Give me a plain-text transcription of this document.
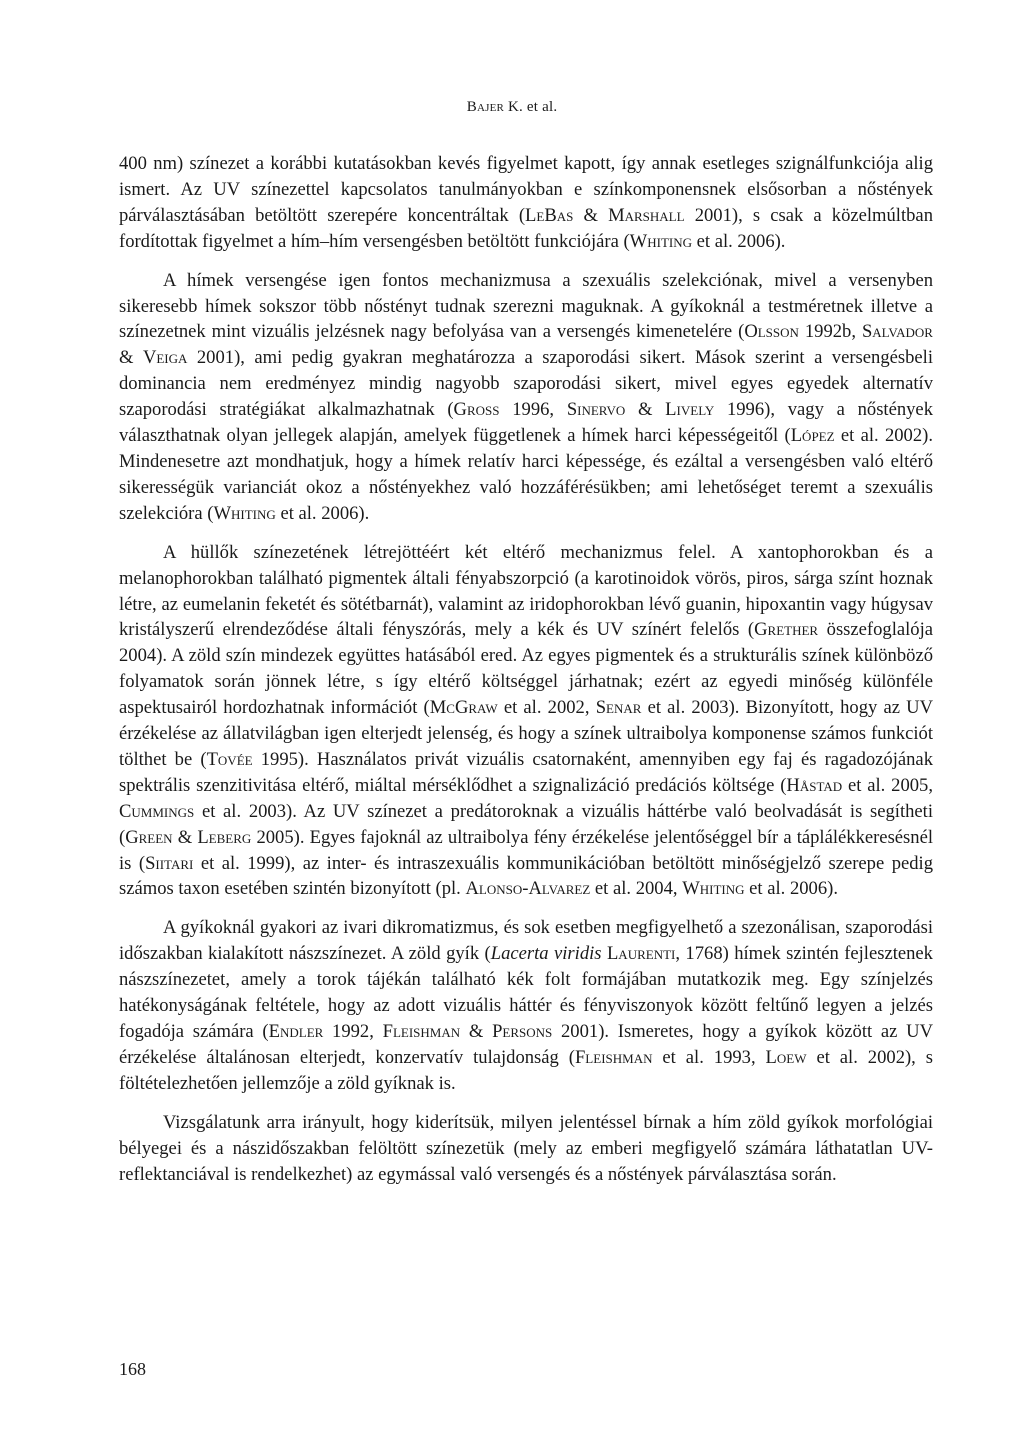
Bajer K. et al.

400 nm) színezet a korábbi kutatásokban kevés figyelmet kapott, így annak esetleges szignálfunkciója alig ismert. Az UV színezettel kapcsolatos tanulmányokban e színkomponensnek elsősorban a nőstények párválasztásában betöltött szerepére koncentráltak (LeBas & Marshall 2001), s csak a közelmúltban fordítottak figyelmet a hím–hím versengésben betöltött funkciójára (Whiting et al. 2006).

A hímek versengése igen fontos mechanizmusa a szexuális szelekciónak, mivel a versenyben sikeresebb hímek sokszor több nőstényt tudnak szerezni maguknak. A gyíkoknál a testméretnek illetve a színezetnek mint vizuális jelzésnek nagy befolyása van a versengés kimenetelére (Olsson 1992b, Salvador & Veiga 2001), ami pedig gyakran meghatározza a szaporodási sikert. Mások szerint a versengésbeli dominancia nem eredményez mindig nagyobb szaporodási sikert, mivel egyes egyedek alternatív szaporodási stratégiákat alkalmazhatnak (Gross 1996, Sinervo & Lively 1996), vagy a nőstények választhatnak olyan jellegek alapján, amelyek függetlenek a hímek harci képességeitől (López et al. 2002). Mindenesetre azt mondhatjuk, hogy a hímek relatív harci képessége, és ezáltal a versengésben való eltérő sikerességük varianciát okoz a nőstényekhez való hozzáférésükben; ami lehetőséget teremt a szexuális szelekcióra (Whiting et al. 2006).

A hüllők színezetének létrejöttéért két eltérő mechanizmus felel. A xantophorokban és a melanophorokban található pigmentek általi fényabszorpció (a karotinoidok vörös, piros, sárga színt hoznak létre, az eumelanin feketét és sötétbarnát), valamint az iridophorokban lévő guanin, hipoxantin vagy húgysav kristályszerű elrendeződése általi fényszórás, mely a kék és UV színért felelős (Grether összefoglalója 2004). A zöld szín mindezek együttes hatásából ered. Az egyes pigmentek és a strukturális színek különböző folyamatok során jönnek létre, s így eltérő költséggel járhatnak; ezért az egyedi minőség különféle aspektusairól hordozhatnak információt (McGraw et al. 2002, Senar et al. 2003). Bizonyított, hogy az UV érzékelése az állatvilágban igen elterjedt jelenség, és hogy a színek ultraibolya komponense számos funkciót tölthet be (Tovée 1995). Használatos privát vizuális csatornaként, amennyiben egy faj és ragadozójának spektrális szenzitivitása eltérő, miáltal mérséklődhet a szignalizáció predációs költsége (Håstad et al. 2005, Cummings et al. 2003). Az UV színezet a predátoroknak a vizuális háttérbe való beolvadását is segítheti (Green & Leberg 2005). Egyes fajoknál az ultraibolya fény érzékelése jelentőséggel bír a táplálékkeresésnél is (Siitari et al. 1999), az inter- és intraszexuális kommunikációban betöltött minőségjelző szerepe pedig számos taxon esetében szintén bizonyított (pl. Alonso-Alvarez et al. 2004, Whiting et al. 2006).

A gyíkoknál gyakori az ivari dikromatizmus, és sok esetben megfigyelhető a szezonálisan, szaporodási időszakban kialakított nászszínezet. A zöld gyík (Lacerta viridis Laurenti, 1768) hímek szintén fejlesztenek nászszínezetet, amely a torok tájékán található kék folt formájában mutatkozik meg. Egy színjelzés hatékonyságának feltétele, hogy az adott vizuális háttér és fényviszonyok között feltűnő legyen a jelzés fogadója számára (Endler 1992, Fleishman & Persons 2001). Ismeretes, hogy a gyíkok között az UV érzékelése általánosan elterjedt, konzervatív tulajdonság (Fleishman et al. 1993, Loew et al. 2002), s föltételezhetően jellemzője a zöld gyíknak is.

Vizsgálatunk arra irányult, hogy kiderítsük, milyen jelentéssel bírnak a hím zöld gyíkok morfológiai bélyegei és a nászidőszakban felöltött színezetük (mely az emberi megfigyelő számára láthatatlan UV-reflektanciával is rendelkezhet) az egymással való versengés és a nőstények párválasztása során.

168
